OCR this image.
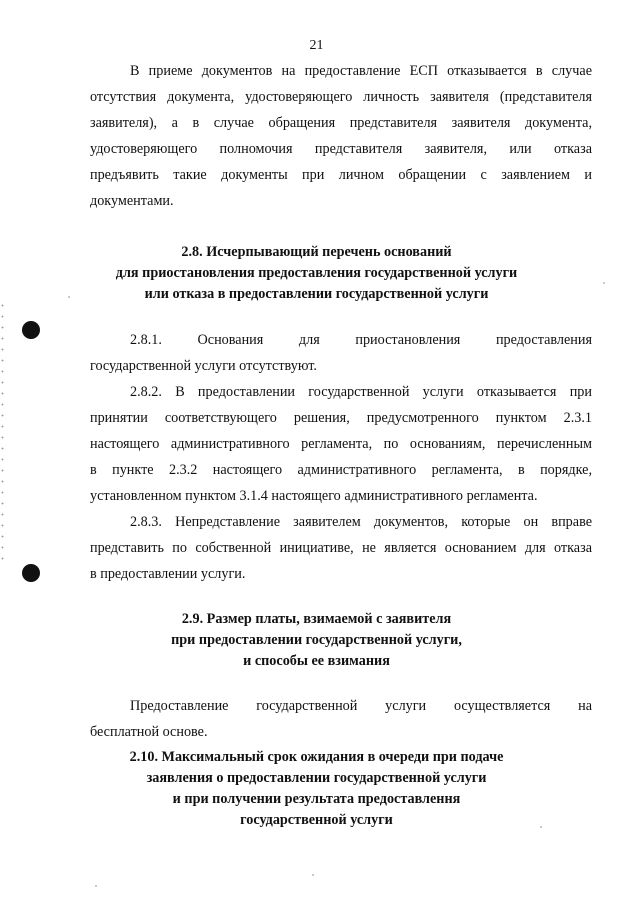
21
В приеме документов на предоставление ЕСП отказывается в случае
отсутствия документа, удостоверяющего личность заявителя (представителя
заявителя), а в случае обращения представителя заявителя документа,
удостоверяющего полномочия представителя заявителя, или отказа
предъявить такие документы при личном обращении с заявлением и
документами.
2.8. Исчерпывающий перечень оснований
для приостановления предоставления государственной услуги
или отказа в предоставлении государственной услуги
2.8.1. Основания для приостановления предоставления
государственной услуги отсутствуют.
2.8.2. В предоставлении государственной услуги отказывается при
принятии соответствующего решения, предусмотренного пунктом 2.3.1
настоящего административного регламента, по основаниям, перечисленным
в пункте 2.3.2 настоящего административного регламента, в порядке,
установленном пунктом 3.1.4 настоящего административного регламента.
2.8.3. Непредставление заявителем документов, которые он вправе
представить по собственной инициативе, не является основанием для отказа
в предоставлении услуги.
2.9. Размер платы, взимаемой с заявителя
при предоставлении государственной услуги,
и способы ее взимания
Предоставление государственной услуги осуществляется на
бесплатной основе.
2.10. Максимальный срок ожидания в очереди при подаче
заявления о предоставлении государственной услуги
и при получении результата предоставлення
государственной услуги
